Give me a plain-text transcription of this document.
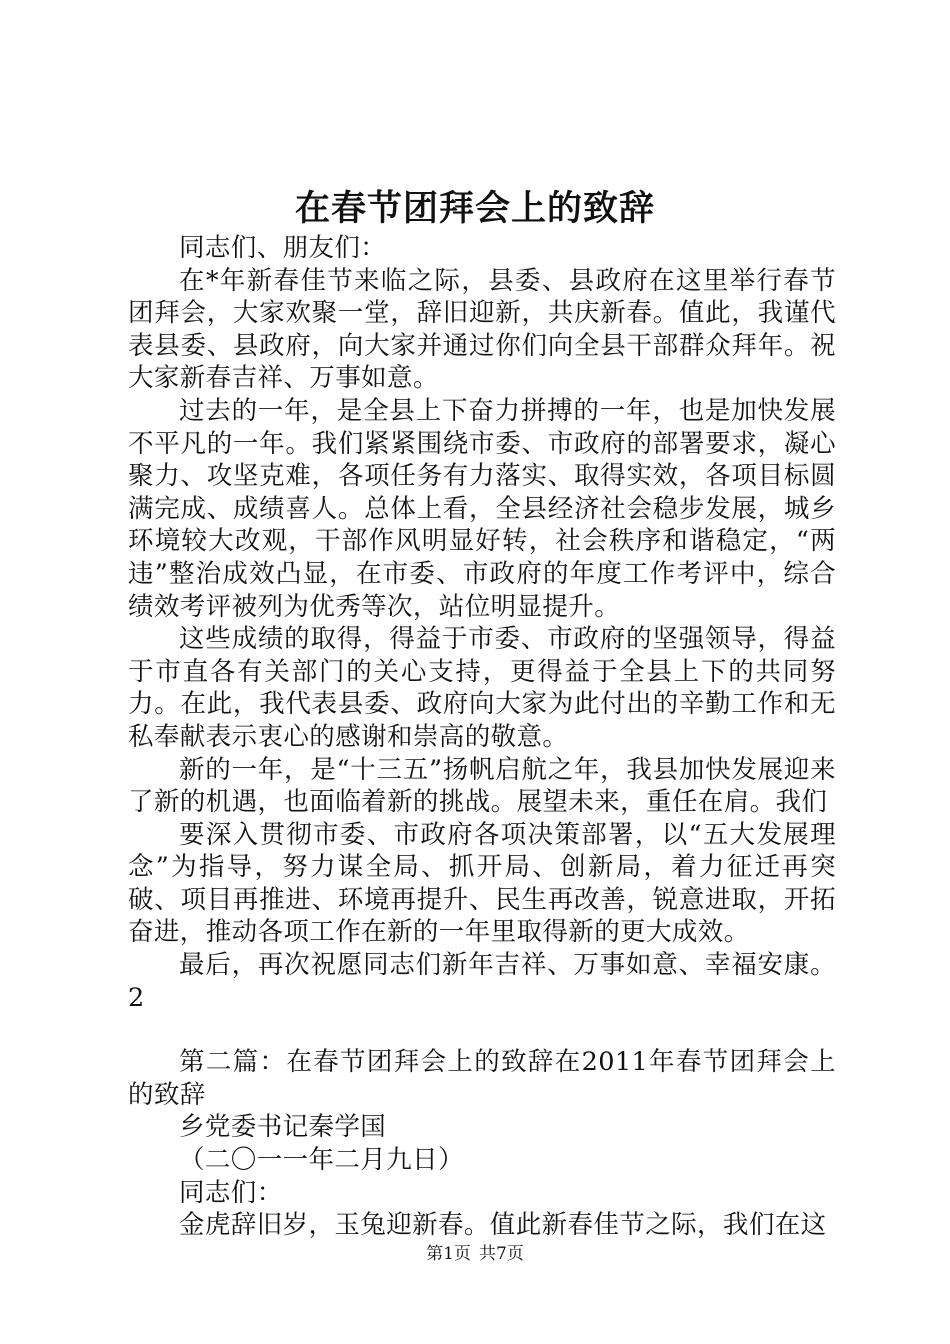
在春节团拜会上的致辞

同志们、朋友们：

在*年新春佳节来临之际，县委、县政府在这里举行春节团拜会，大家欢聚一堂，辞旧迎新，共庆新春。值此，我谨代表县委、县政府，向大家并通过你们向全县干部群众拜年。祝大家新春吉祥、万事如意。

过去的一年，是全县上下奋力拼搏的一年，也是加快发展不平凡的一年。我们紧紧围绕市委、市政府的部署要求，凝心聚力、攻坚克难，各项任务有力落实、取得实效，各项目标圆满完成、成绩喜人。总体上看，全县经济社会稳步发展，城乡环境较大改观，干部作风明显好转，社会秩序和谐稳定，“两违”整治成效凸显，在市委、市政府的年度工作考评中，综合绩效考评被列为优秀等次，站位明显提升。

这些成绩的取得，得益于市委、市政府的坚强领导，得益于市直各有关部门的关心支持，更得益于全县上下的共同努力。在此，我代表县委、政府向大家为此付出的辛勤工作和无私奉献表示衷心的感谢和崇高的敬意。

新的一年，是“十三五”扬帆启航之年，我县加快发展迎来了新的机遇，也面临着新的挑战。展望未来，重任在肩。我们

要深入贯彻市委、市政府各项决策部署，以“五大发展理念”为指导，努力谋全局、抓开局、创新局，着力征迁再突破、项目再推进、环境再提升、民生再改善，锐意进取，开拓奋进，推动各项工作在新的一年里取得新的更大成效。

最后，再次祝愿同志们新年吉祥、万事如意、幸福安康。2

第二篇：在春节团拜会上的致辞在2011年春节团拜会上的致辞

乡党委书记秦学国

（二〇一一年二月九日）

同志们：

金虎辞旧岁，玉兔迎新春。值此新春佳节之际，我们在这

第1页 共7页
